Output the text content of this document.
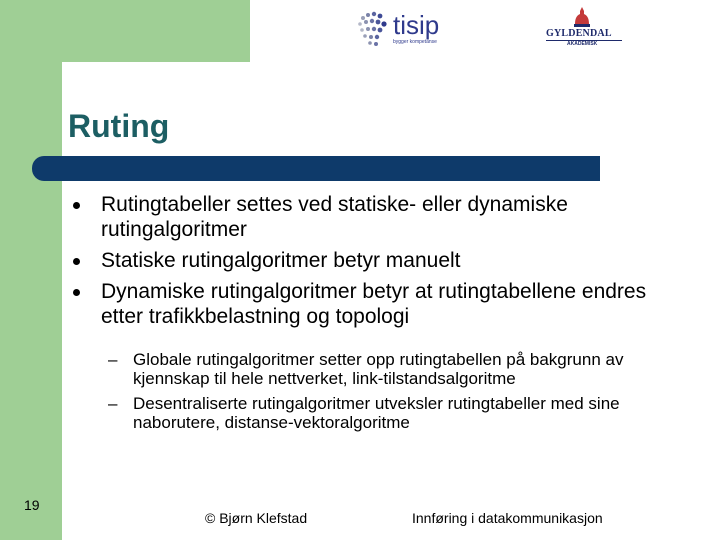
tisip
bygger kompetanse
GYLDENDAL
AKADEMISK
Ruting
Rutingtabeller settes ved statiske- eller dynamiske rutingalgoritmer
Statiske rutingalgoritmer betyr manuelt
Dynamiske rutingalgoritmer betyr at rutingtabellene endres etter trafikkbelastning og topologi
– Globale rutingalgoritmer setter opp rutingtabellen på bakgrunn av kjennskap til hele nettverket, link-tilstandsalgoritme
– Desentraliserte rutingalgoritmer utveksler rutingtabeller med sine naborutere, distanse-vektoralgoritme
19
© Bjørn Klefstad	Innføring i datakommunikasjon
